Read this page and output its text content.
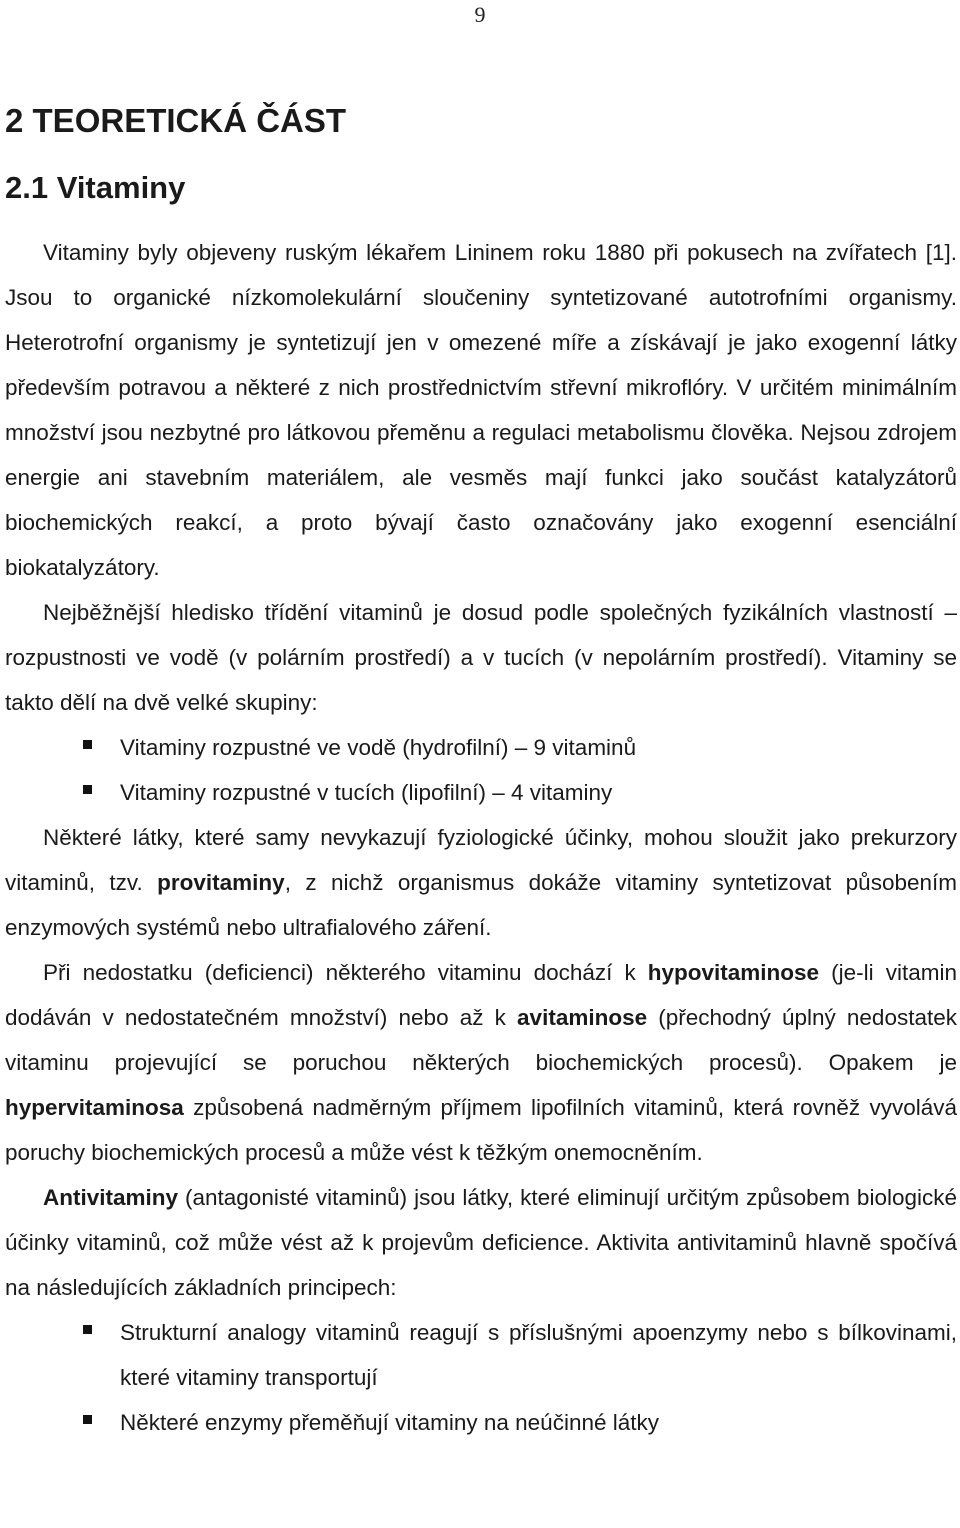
9
2 TEORETICKÁ ČÁST
2.1 Vitaminy

Vitaminy byly objeveny ruským lékařem Lininem roku 1880 při pokusech na zvířatech [1]. Jsou to organické nízkomolekulární sloučeniny syntetizované autotrofními organismy. Heterotrofní organismy je syntetizují jen v omezené míře a získávají je jako exogenní látky především potravou a některé z nich prostřednictvím střevní mikroflóry. V určitém minimálním množství jsou nezbytné pro látkovou přeměnu a regulaci metabolismu člověka. Nejsou zdrojem energie ani stavebním materiálem, ale vesměs mají funkci jako součást katalyzátorů biochemických reakcí, a proto bývají často označovány jako exogenní esenciální biokatalyzátory.

Nejběžnější hledisko třídění vitaminů je dosud podle společných fyzikálních vlastností – rozpustnosti ve vodě (v polárním prostředí) a v tucích (v nepolárním prostředí). Vitaminy se takto dělí na dvě velké skupiny:

Vitaminy rozpustné ve vodě (hydrofilní) – 9 vitaminů
Vitaminy rozpustné v tucích (lipofilní) – 4 vitaminy

Některé látky, které samy nevykazují fyziologické účinky, mohou sloužit jako prekurzory vitaminů, tzv. provitaminy, z nichž organismus dokáže vitaminy syntetizovat působením enzymových systémů nebo ultrafialového záření.

Při nedostatku (deficienci) některého vitaminu dochází k hypovitaminose (je-li vitamin dodáván v nedostatečném množství) nebo až k avitaminose (přechodný úplný nedostatek vitaminu projevující se poruchou některých biochemických procesů). Opakem je hypervitaminosa způsobená nadměrným příjmem lipofilních vitaminů, která rovněž vyvolává poruchy biochemických procesů a může vést k těžkým onemocněním.

Antivitaminy (antagonisté vitaminů) jsou látky, které eliminují určitým způsobem biologické účinky vitaminů, což může vést až k projevům deficience. Aktivita antivitaminů hlavně spočívá na následujících základních principech:

Strukturní analogy vitaminů reagují s příslušnými apoenzymy nebo s bílkovinami, které vitaminy transportují
Některé enzymy přeměňují vitaminy na neúčinné látky
